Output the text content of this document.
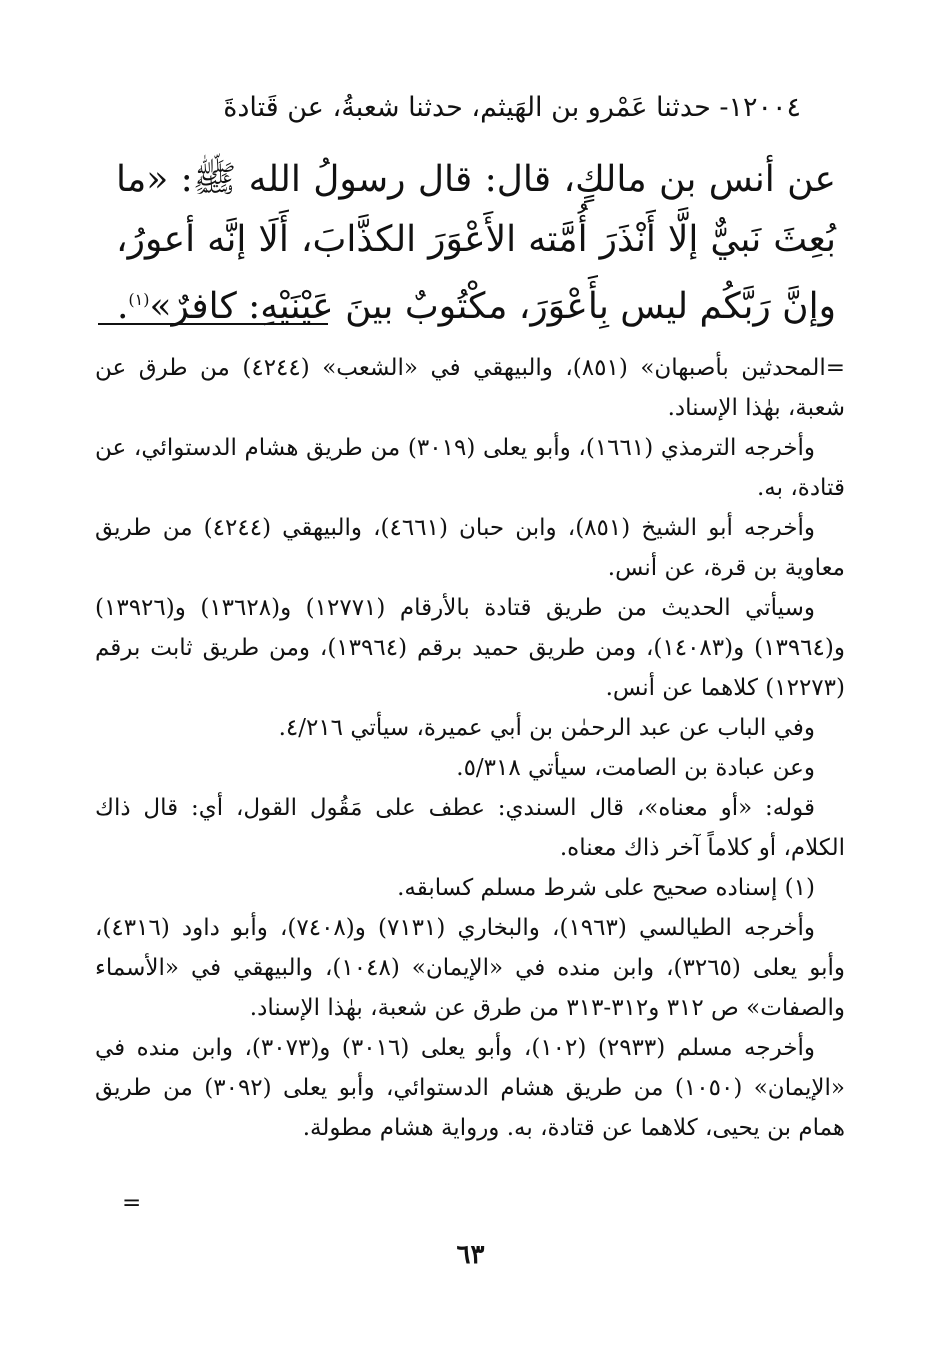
١٢٠٠٤- حدثنا عَمْرو بن الهَيثم، حدثنا شعبةُ، عن قَتادةَ
عن أنس بن مالكٍ، قال: قال رسولُ الله ﷺ: «ما بُعِثَ نَبيٌّ إلَّا أَنْذَرَ أُمَّته الأَعْوَرَ الكذَّابَ، أَلَا إنَّه أعورُ، وإنَّ رَبَّكُم ليس بِأَعْوَرَ، مكْتُوبٌ بينَ عَيْنَيْهِ: كافرٌ»$^{(١)}$.

=المحدثين بأصبهان» (٨٥١)، والبيهقي في «الشعب» (٤٢٤٤) من طرق عن شعبة، بهٰذا الإسناد.

وأخرجه الترمذي (١٦٦١)، وأبو يعلى (٣٠١٩) من طريق هشام الدستوائي، عن قتادة، به.

وأخرجه أبو الشيخ (٨٥١)، وابن حبان (٤٦٦١)، والبيهقي (٤٢٤٤) من طريق معاوية بن قرة، عن أنس.

وسيأتي الحديث من طريق قتادة بالأرقام (١٢٧٧١) و(١٣٦٢٨) و(١٣٩٢٦) و(١٣٩٦٤) و(١٤٠٨٣)، ومن طريق حميد برقم (١٣٩٦٤)، ومن طريق ثابت برقم (١٢٢٧٣) كلاهما عن أنس.

وفي الباب عن عبد الرحمٰن بن أبي عميرة، سيأتي ٤/٢١٦.

وعن عبادة بن الصامت، سيأتي ٥/٣١٨.

قوله: «أو معناه»، قال السندي: عطف على مَقُول القول، أي: قال ذاك الكلام، أو كلاماً آخر ذاك معناه.

(١) إسناده صحيح على شرط مسلم كسابقه.

وأخرجه الطيالسي (١٩٦٣)، والبخاري (٧١٣١) و(٧٤٠٨)، وأبو داود (٤٣١٦)، وأبو يعلى (٣٢٦٥)، وابن منده في «الإيمان» (١٠٤٨)، والبيهقي في «الأسماء والصفات» ص ٣١٢ و٣١٢-٣١٣ من طرق عن شعبة، بهٰذا الإسناد.

وأخرجه مسلم (٢٩٣٣) (١٠٢)، وأبو يعلى (٣٠١٦) و(٣٠٧٣)، وابن منده في «الإيمان» (١٠٥٠) من طريق هشام الدستوائي، وأبو يعلى (٣٠٩٢) من طريق همام بن يحيى، كلاهما عن قتادة، به. ورواية هشام مطولة.

=
٦٣
